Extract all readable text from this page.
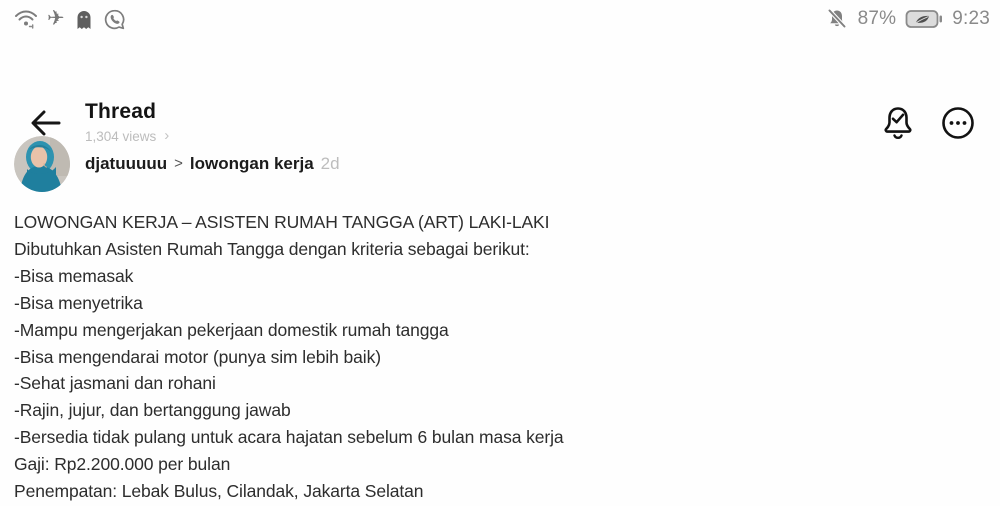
✈	87%	9:23
Thread
1,304 views ›
djatuuuuu > lowongan kerja 2d
LOWONGAN KERJA – ASISTEN RUMAH TANGGA (ART) LAKI-LAKI
Dibutuhkan Asisten Rumah Tangga dengan kriteria sebagai berikut:
-Bisa memasak
-Bisa menyetrika
-Mampu mengerjakan pekerjaan domestik rumah tangga
-Bisa mengendarai motor (punya sim lebih baik)
-Sehat jasmani dan rohani
-Rajin, jujur, dan bertanggung jawab
-Bersedia tidak pulang untuk acara hajatan sebelum 6 bulan masa kerja
Gaji: Rp2.200.000 per bulan
Penempatan: Lebak Bulus, Cilandak, Jakarta Selatan
